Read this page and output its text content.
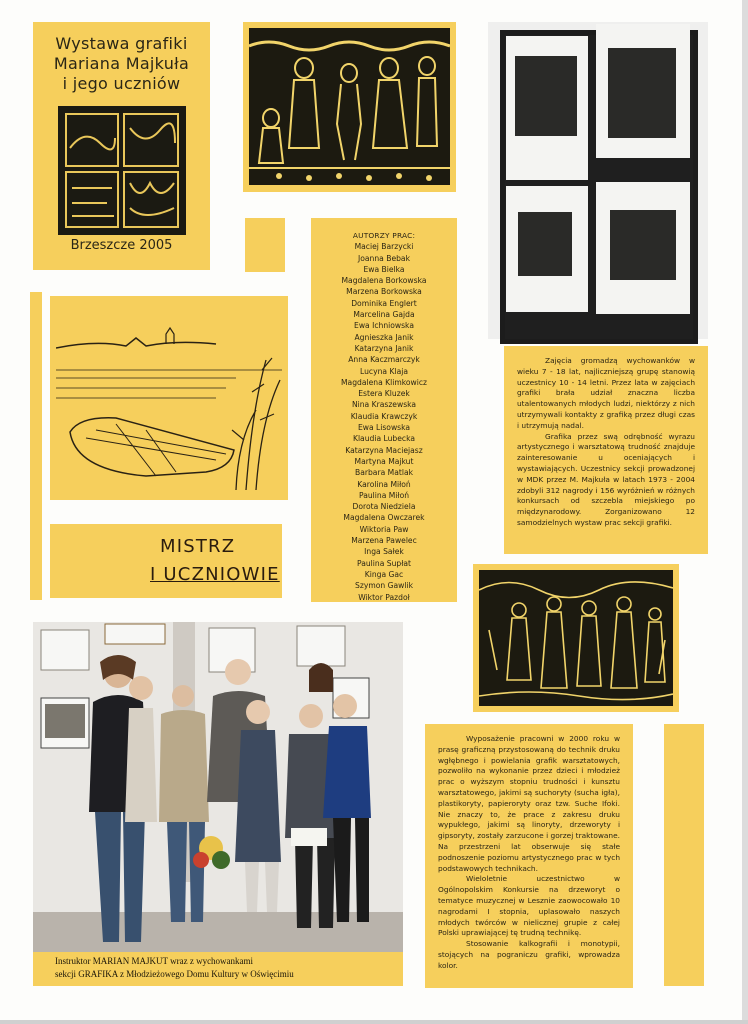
Wystawa grafiki
Mariana Majkuła
i jego uczniów
Brzeszcze 2005
AUTORZY PRAC:
Maciej Barzycki
Joanna Bebak
Ewa Bielka
Magdalena Borkowska
Marzena Borkowska
Dominika Englert
Marcelina Gajda
Ewa Ichniowska
Agnieszka Janik
Katarzyna Janik
Anna Kaczmarczyk
Lucyna Klaja
Magdalena Klimkowicz
Estera Kluzek
Nina Kraszewska
Klaudia Krawczyk
Ewa Lisowska
Klaudia Lubecka
Katarzyna Maciejasz
Martyna Majkut
Barbara Matlak
Karolina Miłoń
Paulina Miłoń
Dorota Niedziela
Magdalena Owczarek
Wiktoria Paw
Marzena Pawelec
Inga Sałek
Paulina Supłat
Kinga Gac
Szymon Gawlik
Wiktor Pazdoł
MISTRZ
I UCZNIOWIE

Zajęcia gromadzą wychowanków w wieku 7 - 18 lat, najliczniejszą grupę stanowią uczestnicy 10 - 14 letni. Przez lata w zajęciach grafiki brała udział znaczna liczba utalentowanych młodych ludzi, niektórzy z nich utrzymywali kontakty z grafiką przez długi czas i utrzymują nadal.

Grafika przez swą odrębność wyrazu artystycznego i warsztatową trudność znajduje zainteresowanie u oceniających i wystawiających. Uczestnicy sekcji prowadzonej w MDK przez M. Majkuła w latach 1973 - 2004 zdobyli 312 nagrody i 156 wyróżnień w różnych konkursach od szczebla miejskiego po międzynarodowy. Zorganizowano 12 samodzielnych wystaw prac sekcji grafiki.

Instruktor MARIAN MAJKUT wraz z wychowankami
sekcji GRAFIKA z Młodzieżowego Domu Kultury w Oświęcimiu

Wyposażenie pracowni w 2000 roku w prasę graficzną przystosowaną do technik druku wgłębnego i powielania grafik warsztatowych, pozwoliło na wykonanie przez dzieci i młodzież prac o wyższym stopniu trudności i kunsztu warsztatowego, jakimi są suchoryty (sucha igła), plastikoryty, papieroryty oraz tzw. Suche Ifoki. Nie znaczy to, że prace z zakresu druku wypukłego, jakimi są linoryty, drzeworyty i gipsoryty, zostały zarzucone i gorzej traktowane. Na przestrzeni lat obserwuje się stałe podnoszenie poziomu artystycznego prac w tych podstawowych technikach.

Wieloletnie uczestnictwo w Ogólnopolskim Konkursie na drzeworyt o tematyce muzycznej w Lesznie zaowocowało 10 nagrodami I stopnia, uplasowało naszych młodych twórców w nielicznej grupie z całej Polski uprawiającej tę trudną technikę.

Stosowanie kalkografii i monotypii, stojących na pograniczu grafiki, wprowadza kolor.
